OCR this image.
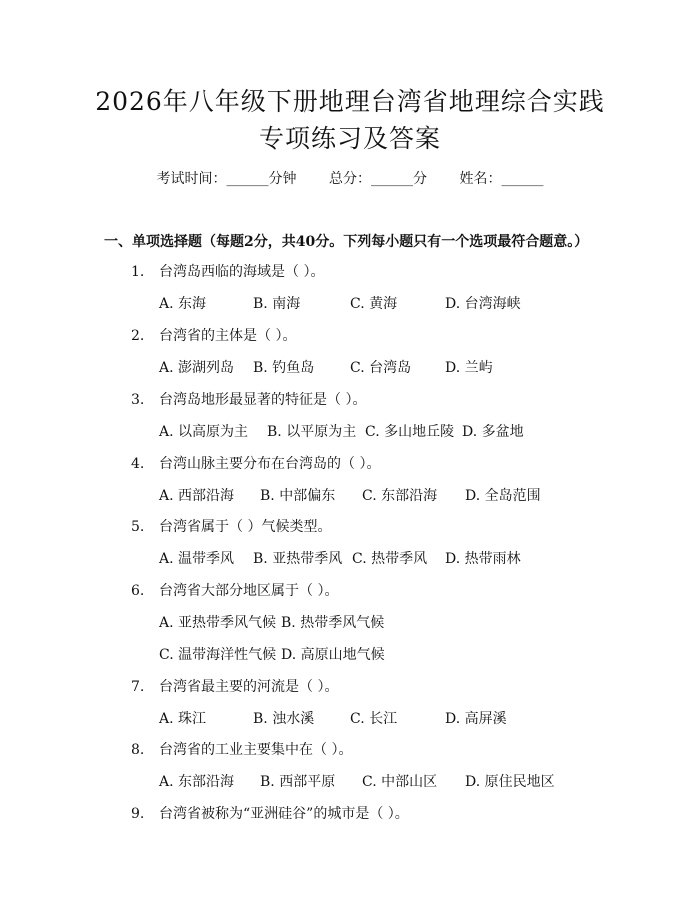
2026年八年级下册地理台湾省地理综合实践
专项练习及答案
考试时间：______分钟 总分：______分 姓名：______
一、单项选择题（每题2分，共40分。下列每小题只有一个选项最符合题意。）
1. 台湾岛西临的海域是（ ）。
A. 东海	B. 南海	C. 黄海	D. 台湾海峡
2. 台湾省的主体是（ ）。
A. 澎湖列岛 B. 钓鱼岛	C. 台湾岛 D. 兰屿
3. 台湾岛地形最显著的特征是（ ）。
A. 以高原为主 B. 以平原为主 C. 多山地丘陵 D. 多盆地
4. 台湾山脉主要分布在台湾岛的（ ）。
A. 西部沿海 B. 中部偏东 C. 东部沿海 D. 全岛范围
5. 台湾省属于（ ）气候类型。
A. 温带季风 B. 亚热带季风 C. 热带季风 D. 热带雨林
6. 台湾省大部分地区属于（ ）。
A. 亚热带季风气候 B. 热带季风气候
C. 温带海洋性气候 D. 高原山地气候
7. 台湾省最主要的河流是（ ）。
A. 珠江	B. 浊水溪	C. 长江	D. 高屏溪
8. 台湾省的工业主要集中在（ ）。
A. 东部沿海 B. 西部平原 C. 中部山区 D. 原住民地区
9. 台湾省被称为“亚洲硅谷”的城市是（ ）。
